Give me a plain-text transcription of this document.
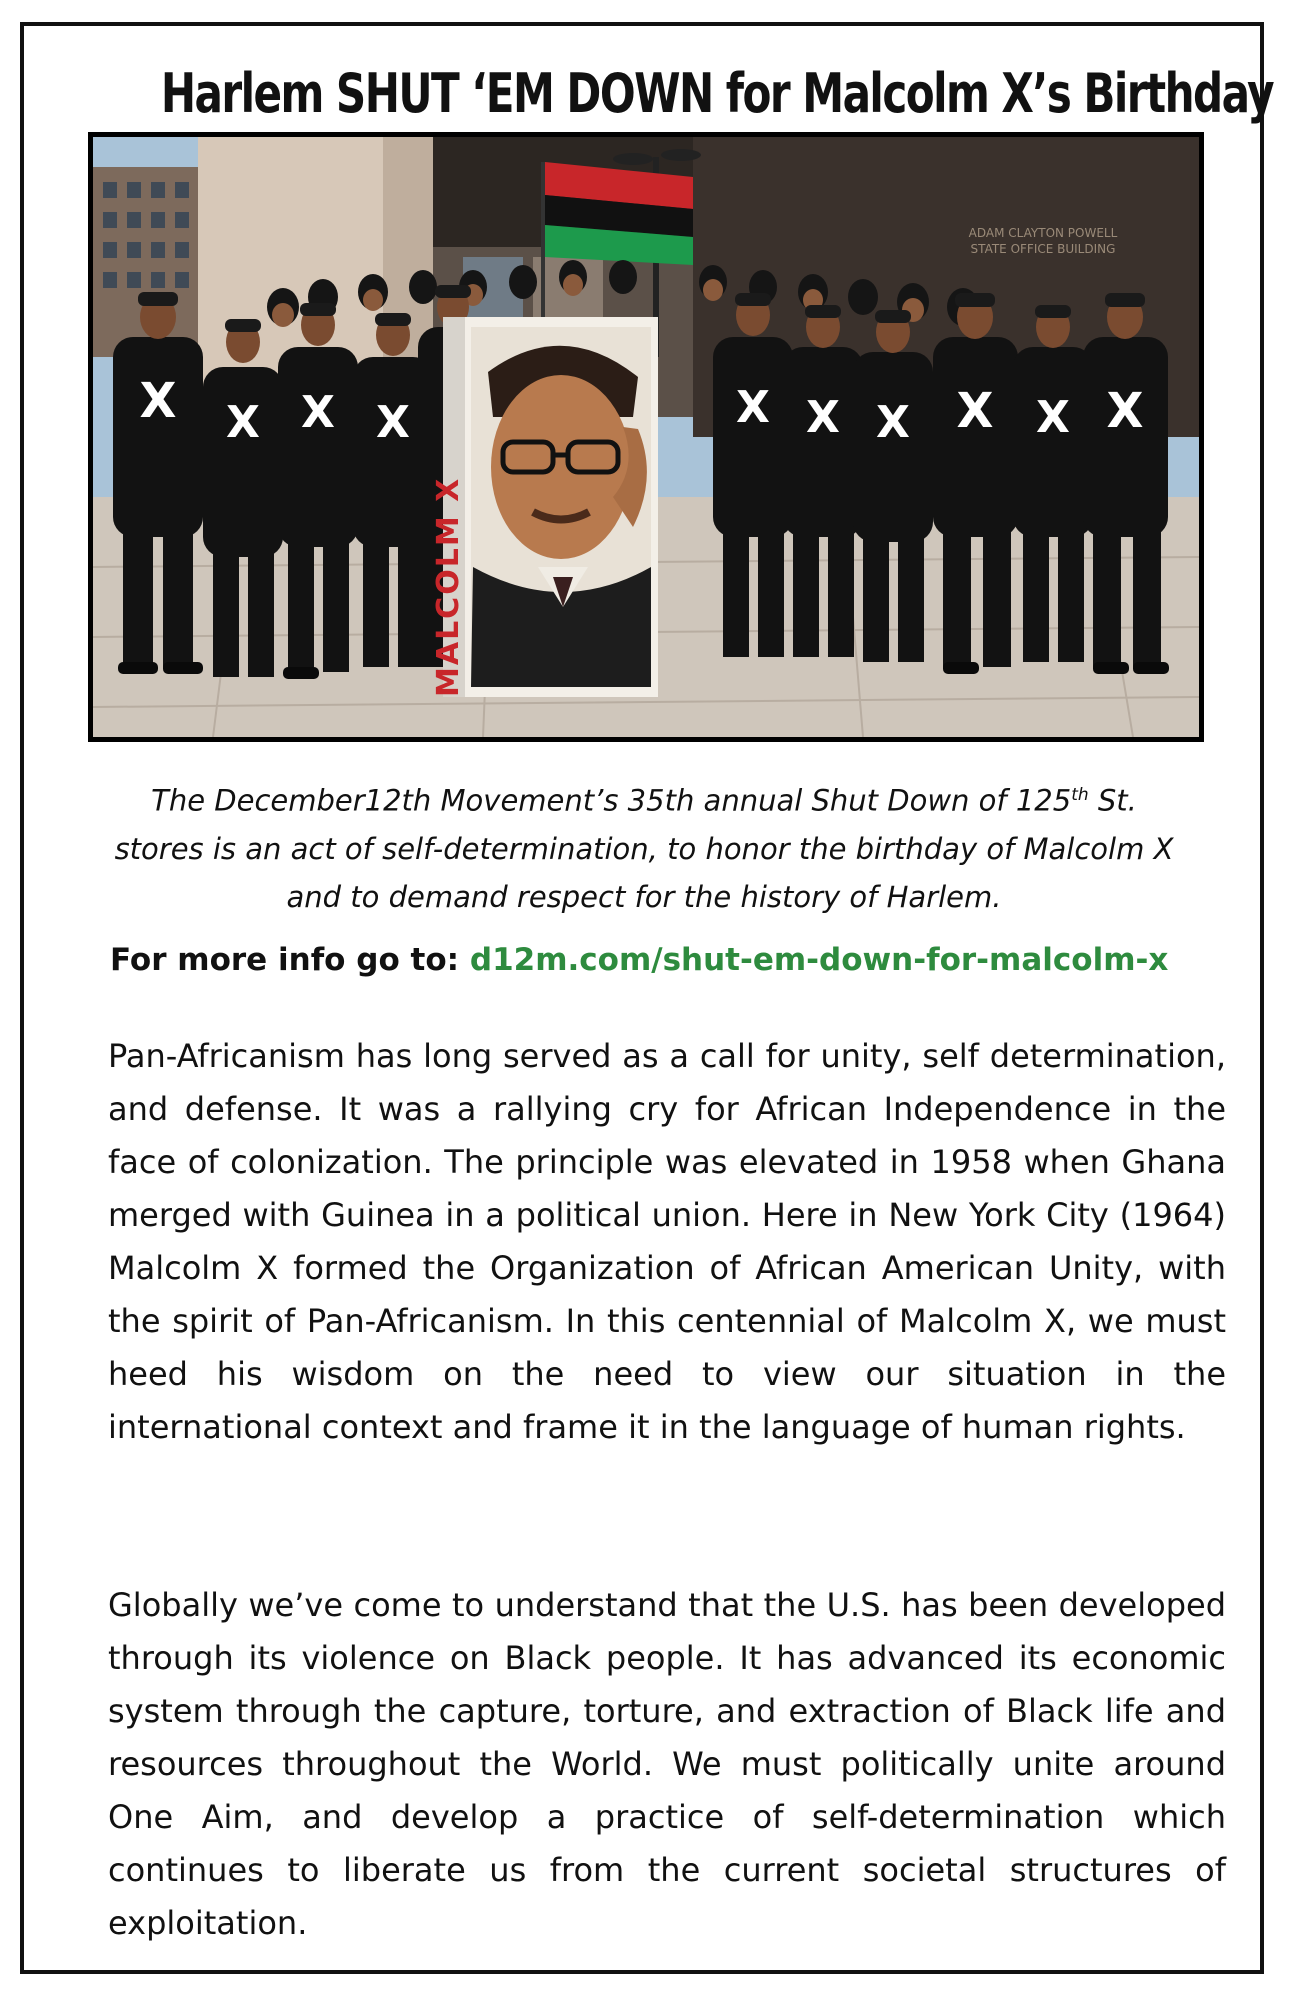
Harlem SHUT ‘EM DOWN for Malcolm X’s Birthday
ADAM CLAYTON POWELL
STATE OFFICE BUILDING
X X X X	X X X X X X
MALCOLM X
The December12th Movement’s 35th annual Shut Down of 125th St. stores is an act of self-determination, to honor the birthday of Malcolm X and to demand respect for the history of Harlem.
For more info go to: d12m.com/shut-em-down-for-malcolm-x

Pan-Africanism has long served as a call for unity, self determination, and defense. It was a rallying cry for African Independence in the face of colonization. The principle was elevated in 1958 when Ghana merged with Guinea in a political union. Here in New York City (1964) Malcolm X formed the Organization of African American Unity, with the spirit of Pan-Africanism. In this centennial of Malcolm X, we must heed his wisdom on the need to view our situation in the international context and frame it in the language of human rights.

Globally we’ve come to understand that the U.S. has been developed through its violence on Black people. It has advanced its economic system through the capture, torture, and extraction of Black life and resources throughout the World. We must politically unite around One Aim, and develop a practice of self-determination which continues to liberate us from the current societal structures of exploitation.
